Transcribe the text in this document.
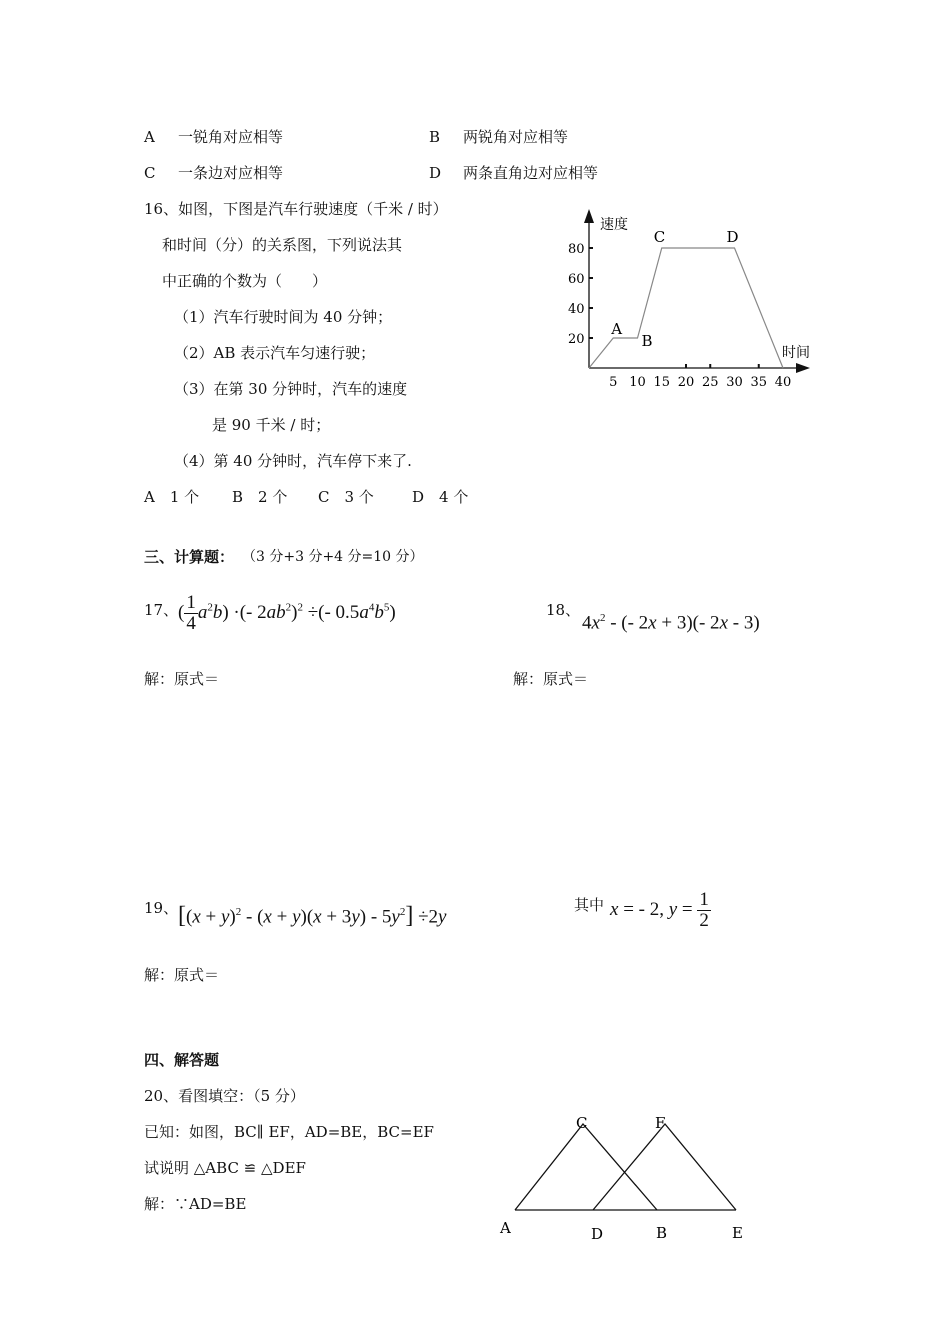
A 一锐角对应相等	B 两锐角对应相等
C 一条边对应相等	D 两条直角边对应相等
16、如图，下图是汽车行驶速度（千米 / 时）
和时间（分）的关系图，下列说法其
中正确的个数为（　　）
（1）汽车行驶时间为 40 分钟；
（2）AB 表示汽车匀速行驶；
（3）在第 30 分钟时，汽车的速度
是 90 千米 / 时；
（4）第 40 分钟时，汽车停下来了.
A　1 个 B　2 个 C　3 个	D　4 个
速度
时间
20
40
60
80
5 10 15 20 25 30 35 40
A
B
C	D
三、计算题： （3 分+3 分+4 分=10 分）
17、 ( $\frac{1}{4} a^2b$) ·(- $2ab^2)^2$ ÷(- $0.5a^4b^5$)
解：原式＝
18、
$4x^2$ - (- 2x + 3)(- 2x - 3)
解：原式＝
19、 $[(x + y)^2 - (x + y)(x + 3y) - 5y^2] \div 2y$
其中 x = - 2, $y = \frac{1}{2}$
解：原式＝
四、解答题
20、看图填空：（5 分）
已知：如图，BC∥ EF，AD=BE，BC=EF
试说明 △ABC ≌ △DEF
解：∵AD=BE
A	D	B	E
C	F
